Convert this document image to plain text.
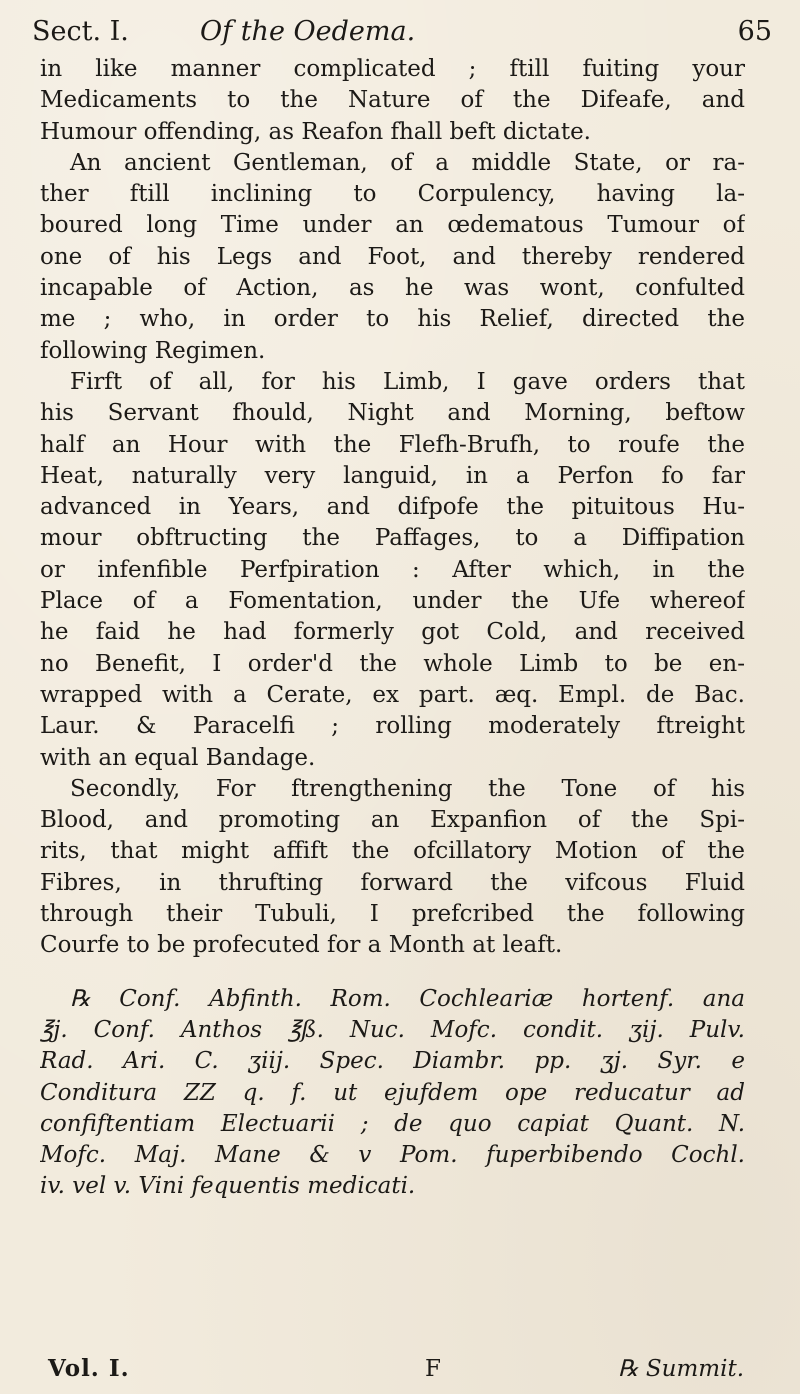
Sect. I.	Of the Oedema.	65
in like manner complicated ; ftill fuiting your
Medicaments to the Nature of the Difeafe, and
Humour offending, as Reafon fhall beft dictate.
An ancient Gentleman, of a middle State, or ra-
ther ftill inclining to Corpulency, having la-
boured long Time under an œdematous Tumour of
one of his Legs and Foot, and thereby rendered
incapable of Action, as he was wont, confulted
me ; who, in order to his Relief, directed the
following Regimen.
Firft of all, for his Limb, I gave orders that
his Servant fhould, Night and Morning, beftow
half an Hour with the Flefh-Brufh, to roufe the
Heat, naturally very languid, in a Perfon fo far
advanced in Years, and difpofe the pituitous Hu-
mour obftructing the Paffages, to a Diffipation
or infenfible Perfpiration : After which, in the
Place of a Fomentation, under the Ufe whereof
he faid he had formerly got Cold, and received
no Benefit, I order'd the whole Limb to be en-
wrapped with a Cerate, ex part. æq. Empl. de Bac.
Laur. & Paracelfi ; rolling moderately ftreight
with an equal Bandage.
Secondly, For ftrengthening the Tone of his
Blood, and promoting an Expanfion of the Spi-
rits, that might affift the ofcillatory Motion of the
Fibres, in thrufting forward the vifcous Fluid
through their Tubuli, I prefcribed the following
Courfe to be profecuted for a Month at leaft.
℞ Conf. Abfinth. Rom. Cochleariæ hortenf. ana
℥j. Conf. Anthos ℥ß. Nuc. Mofc. condit. ʒij. Pulv.
Rad. Ari. C. ʒiij. Spec. Diambr. pp. ʒj. Syr. e
Conditura ZZ q. f. ut ejufdem ope reducatur ad
confiftentiam Electuarii ; de quo capiat Quant. N.
Mofc. Maj. Mane & v Pom. fuperbibendo Cochl.
iv. vel v. Vini fequentis medicati.
Vol. I.	F	℞ Summit.
